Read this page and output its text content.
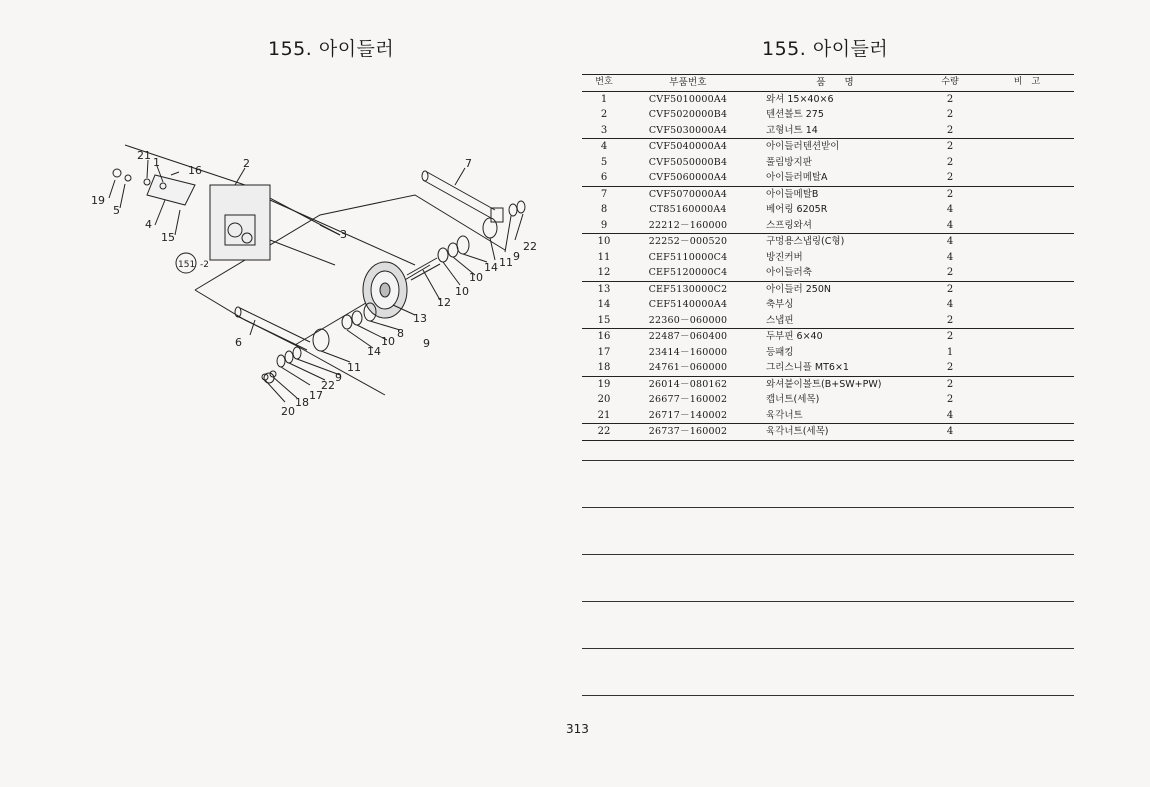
155. 아이들러	155. 아이들러
21
1
16
2	7
19
5
4
15	3
151 -2
22
9
11
14
10
10
12
13
8
10	9
14
6
11
9
22
17
18
20
번호	부품번호	품　　명	수량	비　고
1	CVF5010000A4	와셔 15×40×6	2
2	CVF5020000B4	텐션볼트 275	2
3	CVF5030000A4	고형너트 14	2
4	CVF5040000A4	아이들러텐션받이	2
5	CVF5050000B4	풀림방지판	2
6	CVF5060000A4	아이들러메탈A	2
7	CVF5070000A4	아이들메탈B	2
8	CT85160000A4	베어링 6205R	4
9	22212－160000	스프링와셔	4
10	22252－000520	구멍용스냅링(C형)	4
11	CEF5110000C4	방진커버	4
12	CEF5120000C4	아이들러축	2
13	CEF5130000C2	아이들러 250N	2
14	CEF5140000A4	축부싱	4
15	22360－060000	스냅핀	2
16	22487－060400	두부핀 6×40	2
17	23414－160000	등패킹	1
18	24761－060000	그리스니플 MT6×1	2
19	26014－080162	와셔붙이볼트(B+SW+PW)	2
20	26677－160002	캡너트(세목)	2
21	26717－140002	육각너트	4
22	26737－160002	육각너트(세목)	4
313
